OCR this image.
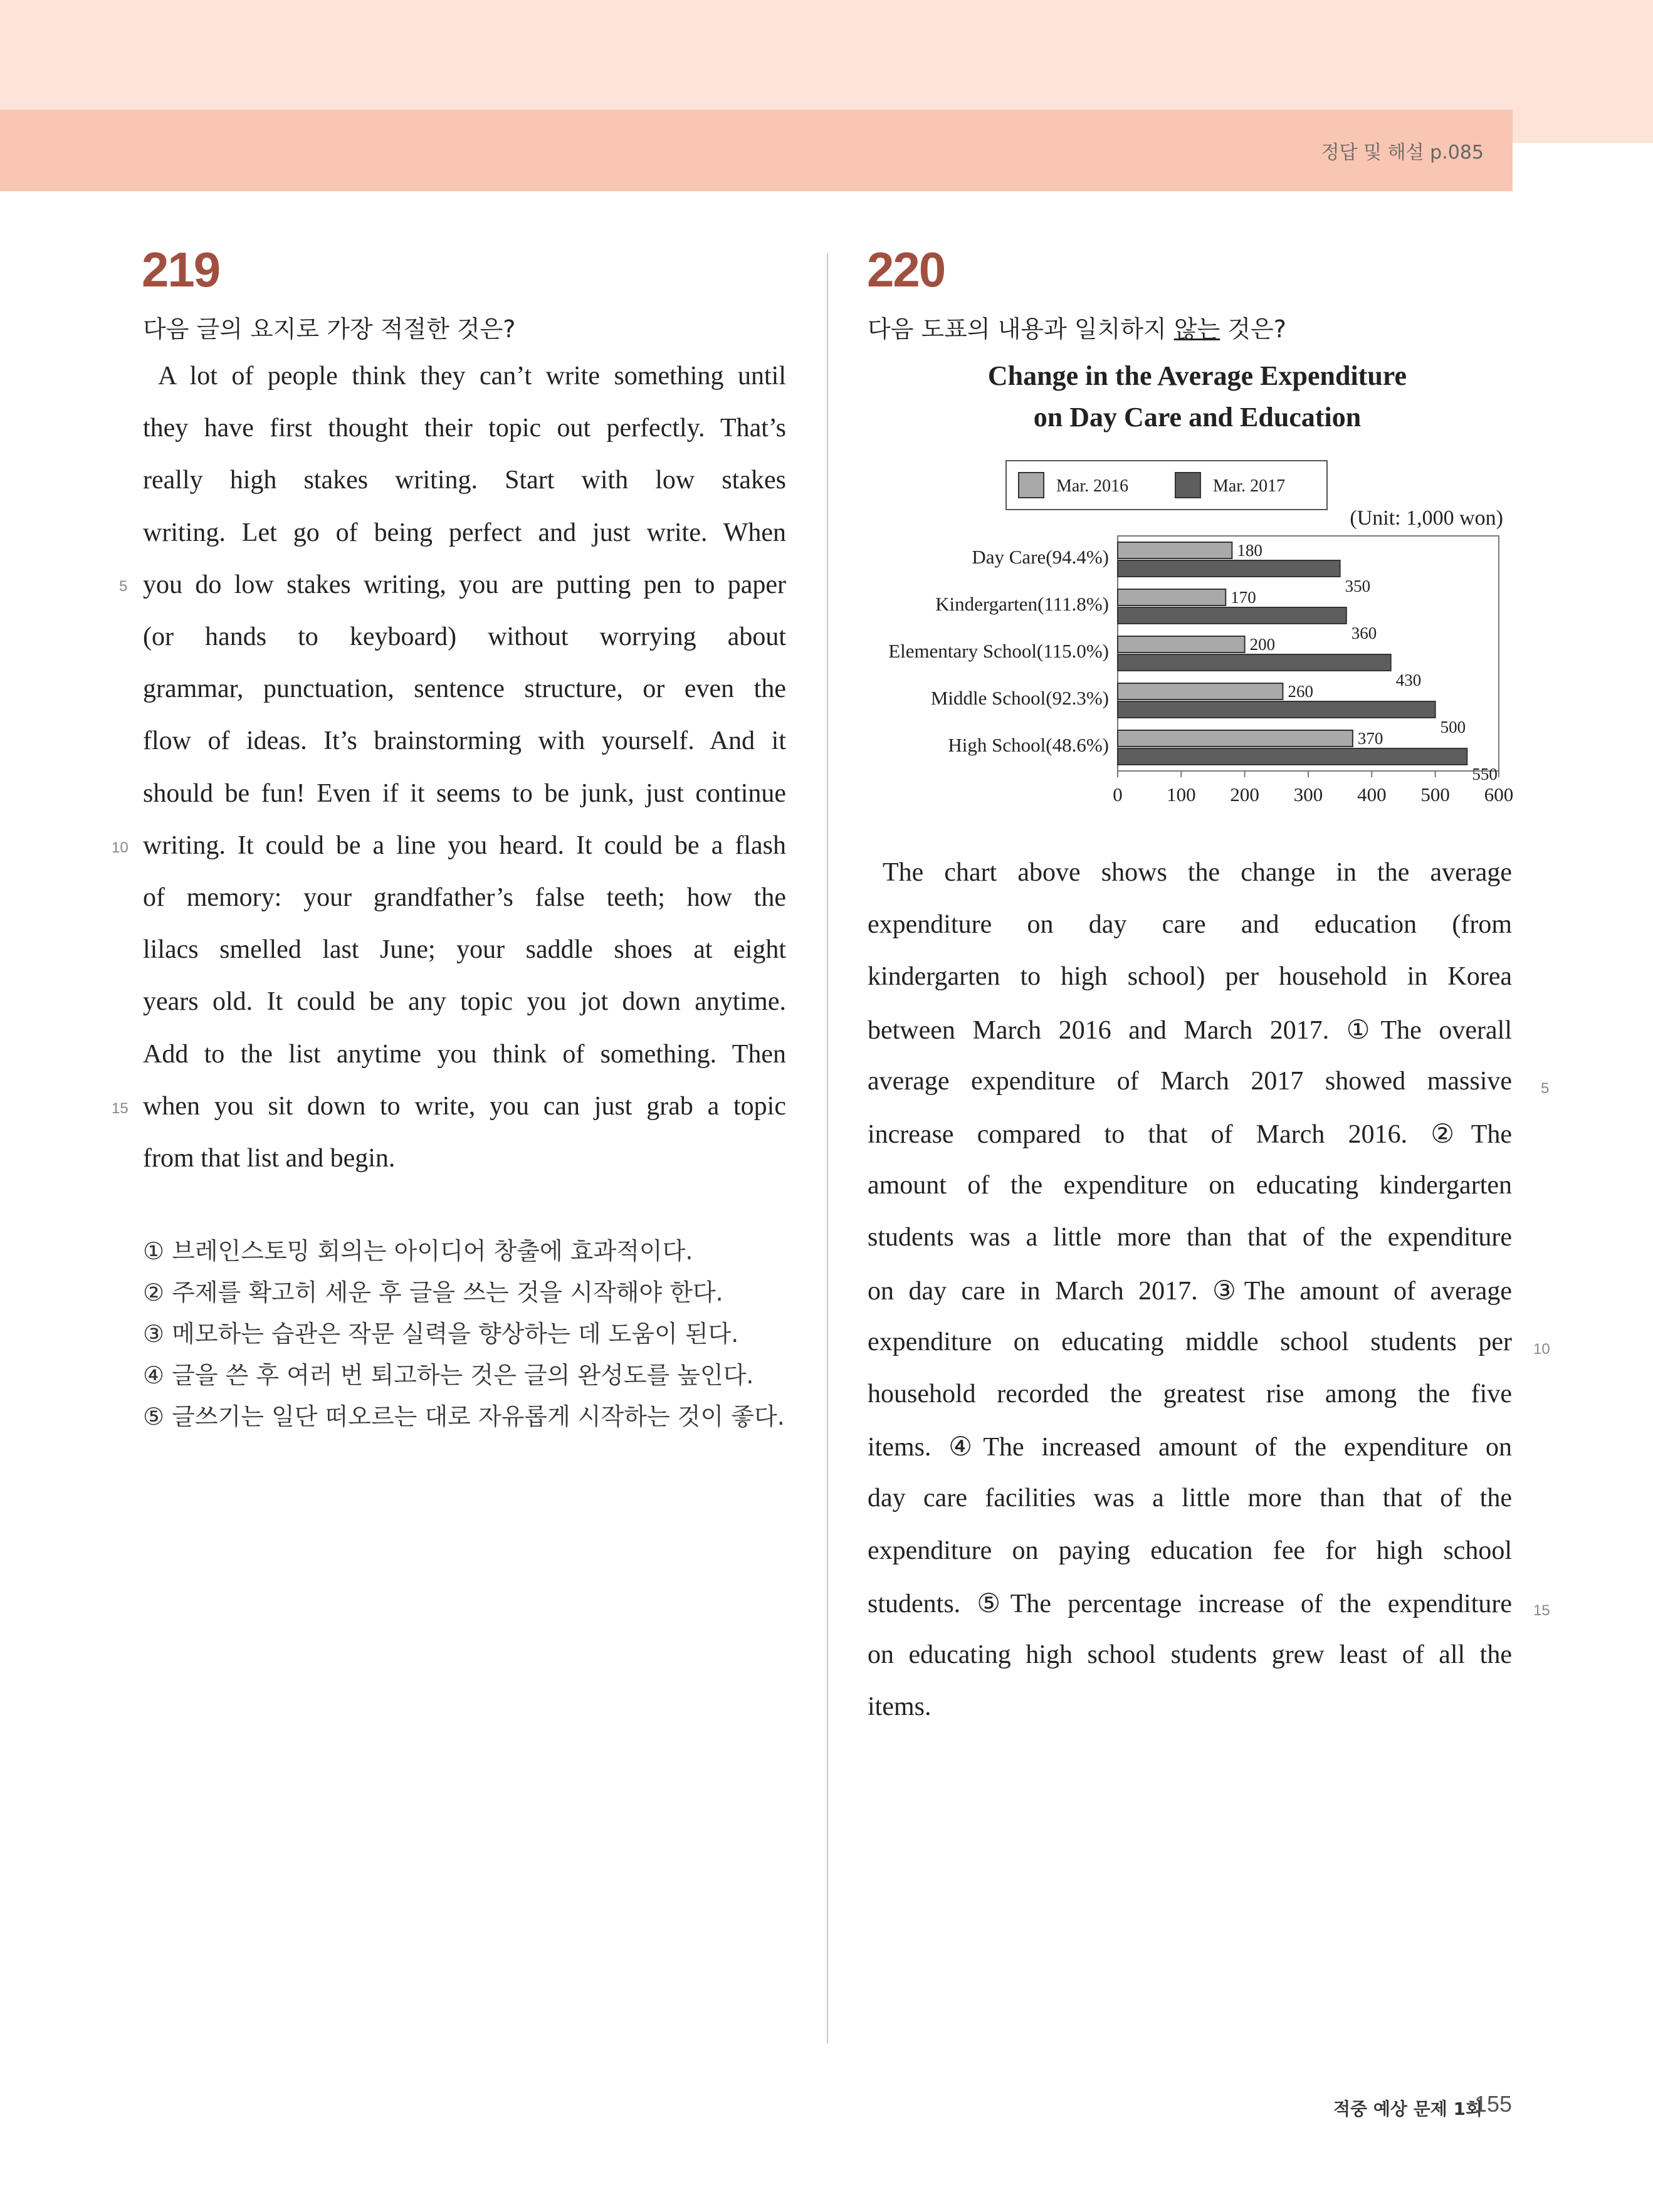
정답 및 해설 p.085
219
다음 글의 요지로 가장 적절한 것은?
A lot of people think they can’t write something until
they have first thought their topic out perfectly. That’s
really high stakes writing. Start with low stakes
writing. Let go of being perfect and just write. When
you do low stakes writing, you are putting pen to paper
(or hands to keyboard) without worrying about
grammar, punctuation, sentence structure, or even the
flow of ideas. It’s brainstorming with yourself. And it
should be fun! Even if it seems to be junk, just continue
writing. It could be a line you heard. It could be a flash
of memory: your grandfather’s false teeth; how the
lilacs smelled last June; your saddle shoes at eight
years old. It could be any topic you jot down anytime.
Add to the list anytime you think of something. Then
when you sit down to write, you can just grab a topic
from that list and begin.
5
10
15
① 브레인스토밍 회의는 아이디어 창출에 효과적이다.
② 주제를 확고히 세운 후 글을 쓰는 것을 시작해야 한다.
③ 메모하는 습관은 작문 실력을 향상하는 데 도움이 된다.
④ 글을 쓴 후 여러 번 퇴고하는 것은 글의 완성도를 높인다.
⑤ 글쓰기는 일단 떠오르는 대로 자유롭게 시작하는 것이 좋다.
220
다음 도표의 내용과 일치하지 않는 것은?
Change in the Average Expenditure
on Day Care and Education
Mar. 2016	Mar. 2017
(Unit: 1,000 won)
Day Care(94.4%)	180
350
Kindergarten(111.8%)	170
360
Elementary School(115.0%)	200
430
Middle School(92.3%)	260
500
High School(48.6%)	370
550
0 100 200 300 400 500 600
The chart above shows the change in the average
expenditure on day care and education (from
kindergarten to high school) per household in Korea
between March 2016 and March 2017. ①The overall
average expenditure of March 2017 showed massive
increase compared to that of March 2016. ②The
amount of the expenditure on educating kindergarten
students was a little more than that of the expenditure
on day care in March 2017. ③The amount of average
expenditure on educating middle school students per
household recorded the greatest rise among the five
items. ④The increased amount of the expenditure on
day care facilities was a little more than that of the
expenditure on paying education fee for high school
students. ⑤The percentage increase of the expenditure
on educating high school students grew least of all the
items.
5
10
15
적중 예상 문제 1회
155
